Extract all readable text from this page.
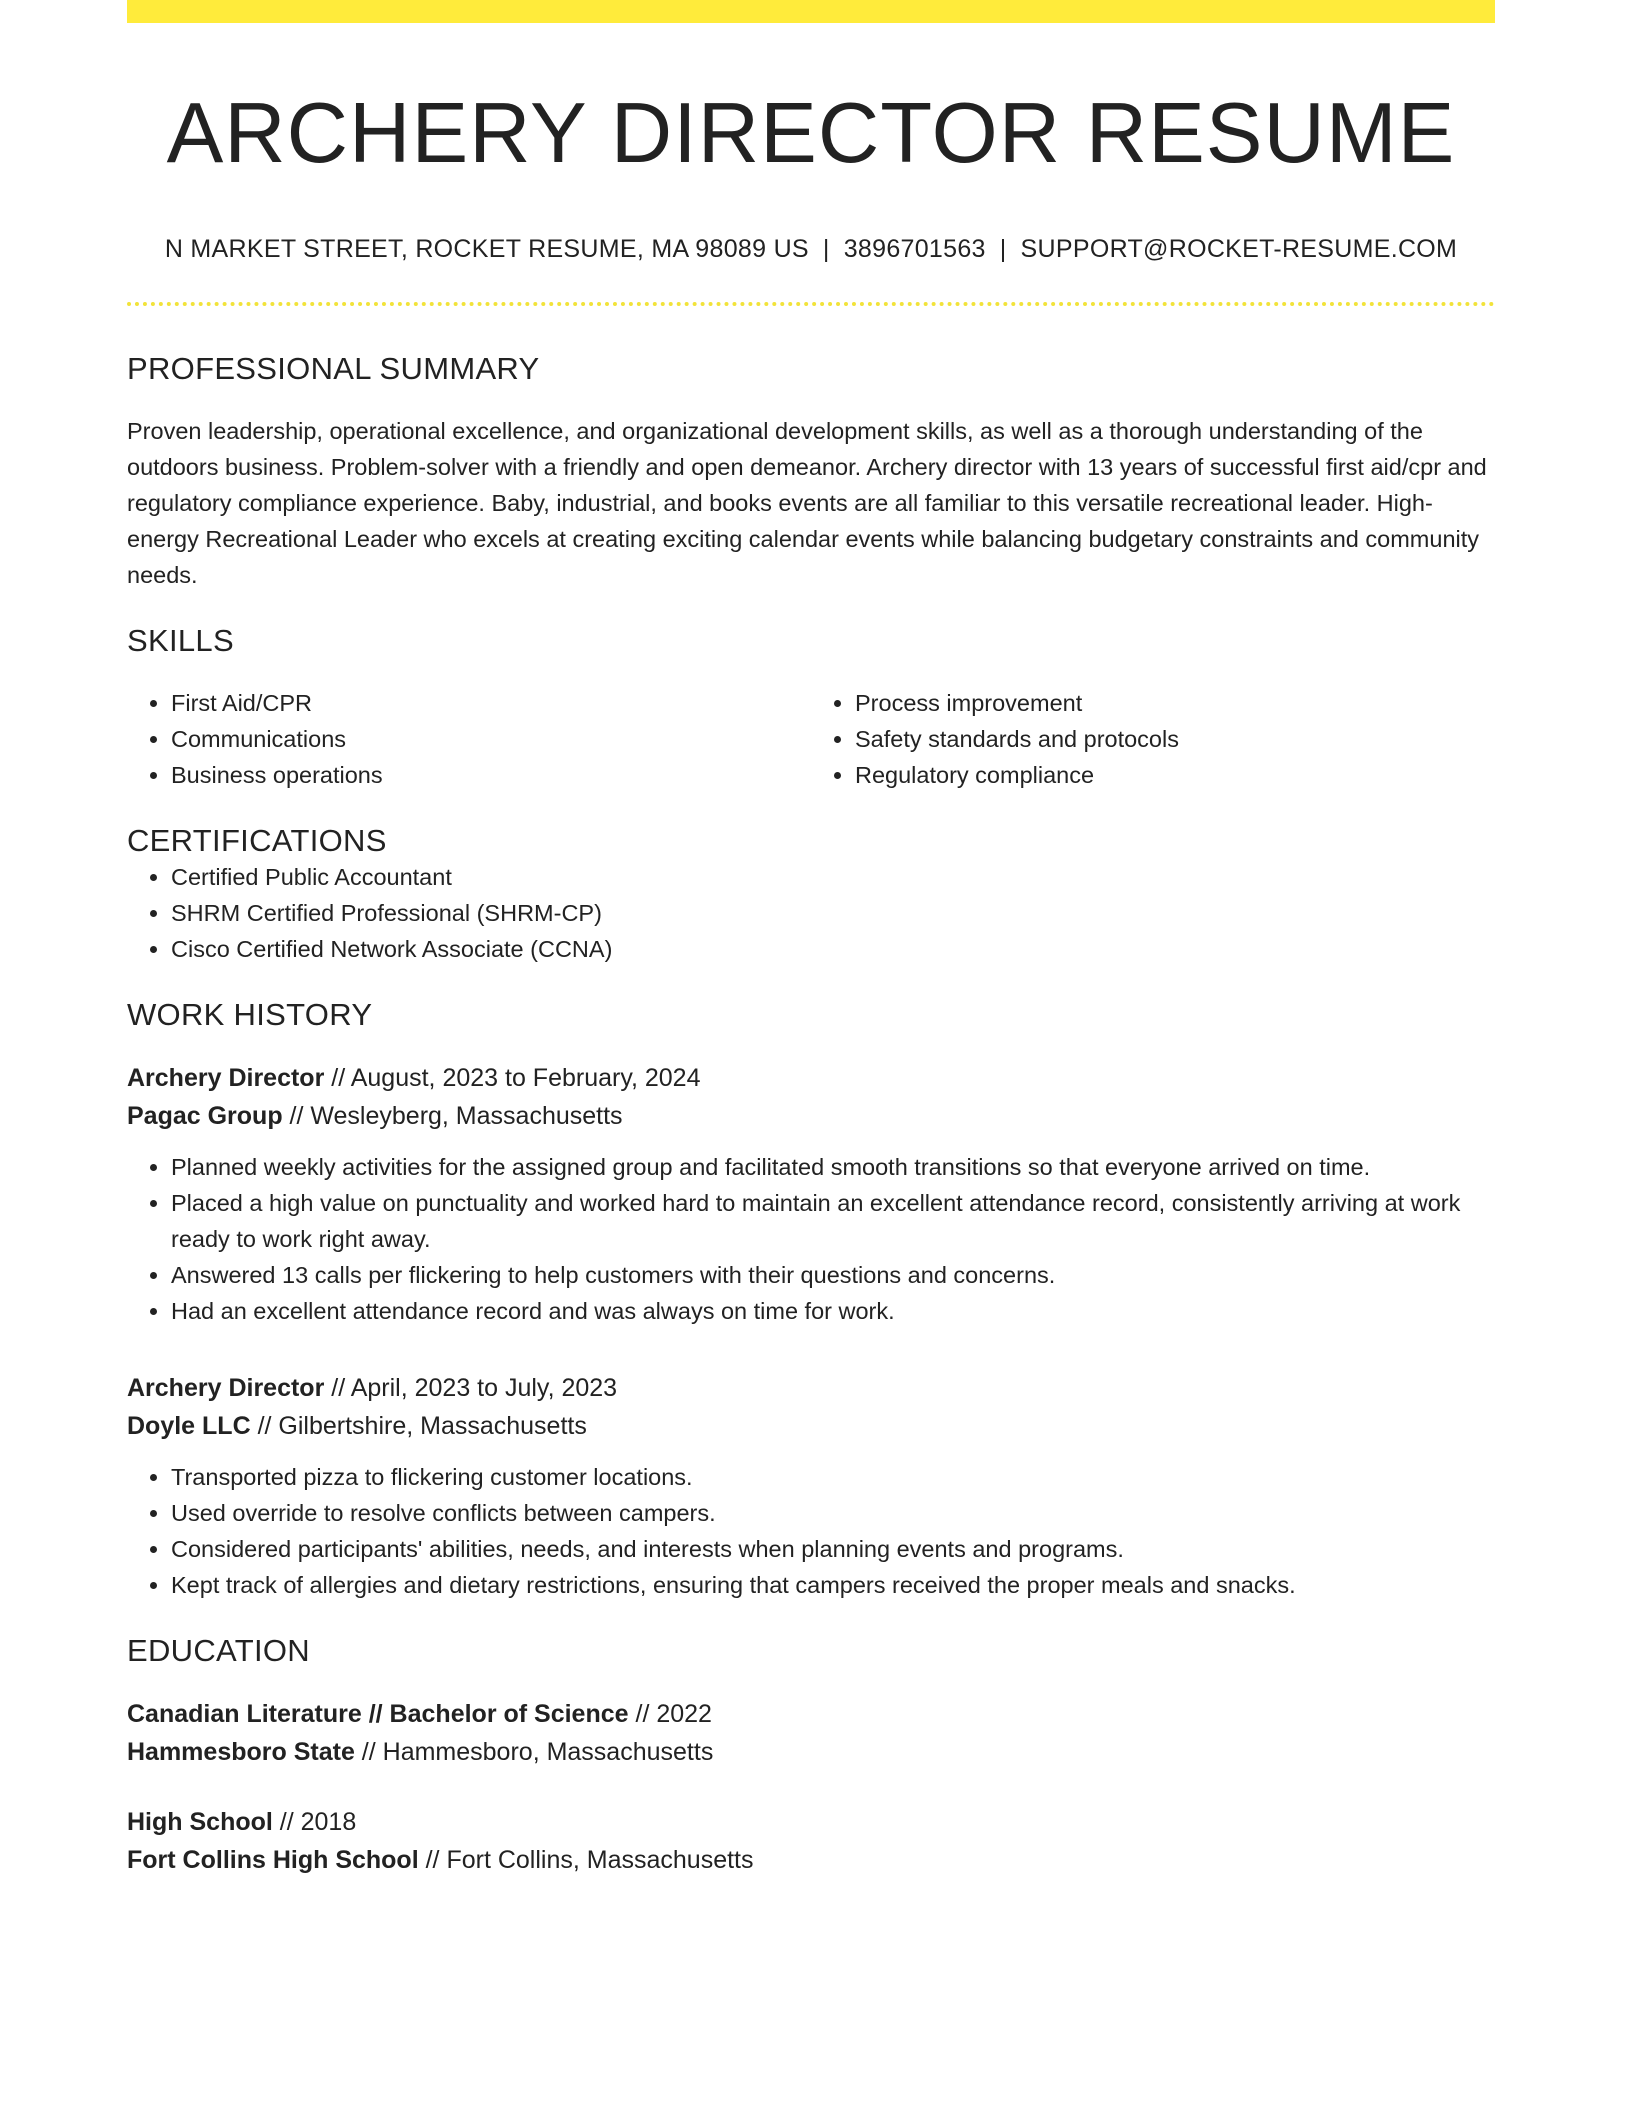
ARCHERY DIRECTOR RESUME
N MARKET STREET, ROCKET RESUME, MA 98089 US | 3896701563 | SUPPORT@ROCKET-RESUME.COM
PROFESSIONAL SUMMARY
Proven leadership, operational excellence, and organizational development skills, as well as a thorough understanding of the outdoors business. Problem-solver with a friendly and open demeanor. Archery director with 13 years of successful first aid/cpr and regulatory compliance experience. Baby, industrial, and books events are all familiar to this versatile recreational leader. High-energy Recreational Leader who excels at creating exciting calendar events while balancing budgetary constraints and community needs.
SKILLS
• First Aid/CPR
• Communications
• Business operations
• Process improvement
• Safety standards and protocols
• Regulatory compliance
CERTIFICATIONS
• Certified Public Accountant
• SHRM Certified Professional (SHRM-CP)
• Cisco Certified Network Associate (CCNA)
WORK HISTORY
Archery Director // August, 2023 to February, 2024
Pagac Group // Wesleyberg, Massachusetts
• Planned weekly activities for the assigned group and facilitated smooth transitions so that everyone arrived on time.
• Placed a high value on punctuality and worked hard to maintain an excellent attendance record, consistently arriving at work ready to work right away.
• Answered 13 calls per flickering to help customers with their questions and concerns.
• Had an excellent attendance record and was always on time for work.
Archery Director // April, 2023 to July, 2023
Doyle LLC // Gilbertshire, Massachusetts
• Transported pizza to flickering customer locations.
• Used override to resolve conflicts between campers.
• Considered participants' abilities, needs, and interests when planning events and programs.
• Kept track of allergies and dietary restrictions, ensuring that campers received the proper meals and snacks.
EDUCATION
Canadian Literature // Bachelor of Science // 2022
Hammesboro State // Hammesboro, Massachusetts
High School // 2018
Fort Collins High School // Fort Collins, Massachusetts
